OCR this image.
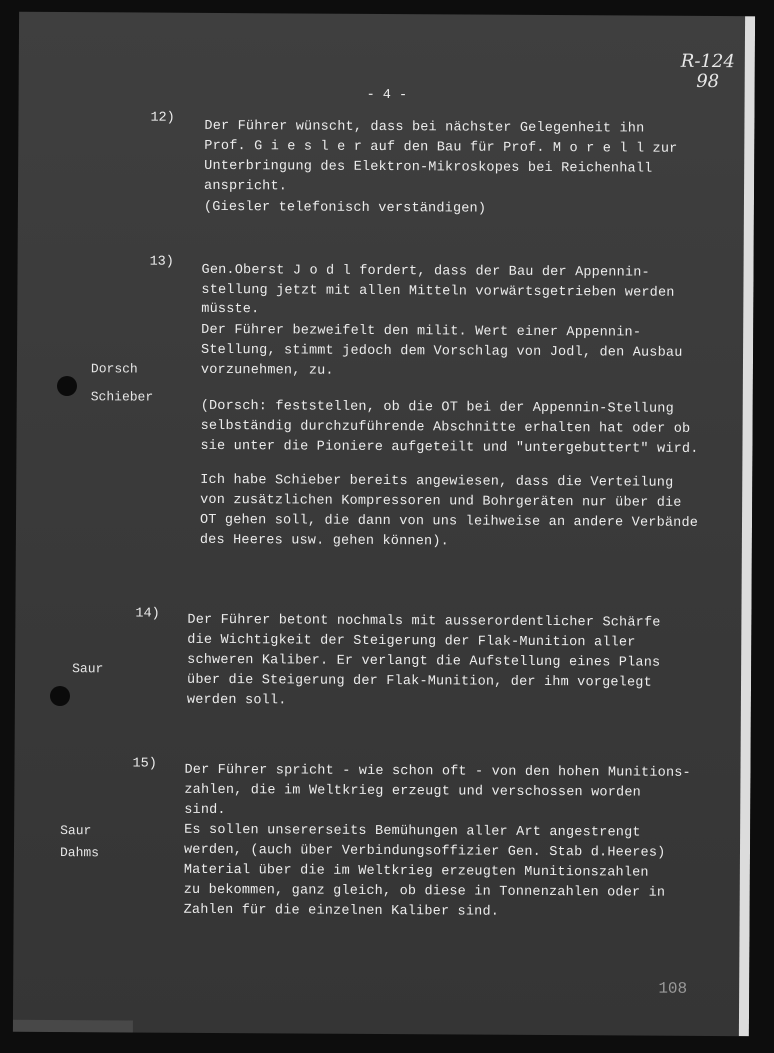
R-124
98
- 4 -
12)
Der Führer wünscht, dass bei nächster Gelegenheit ihn
Prof. G i e s l e r auf den Bau für Prof. M o r e l l zur
Unterbringung des Elektron-Mikroskopes bei Reichenhall
anspricht.
(Giesler telefonisch verständigen)
13)
Gen.Oberst J o d l fordert, dass der Bau der Appennin-
stellung jetzt mit allen Mitteln vorwärtsgetrieben werden
müsste.
Der Führer bezweifelt den milit. Wert einer Appennin-
Stellung, stimmt jedoch dem Vorschlag von Jodl, den Ausbau
vorzunehmen, zu.
(Dorsch: feststellen, ob die OT bei der Appennin-Stellung
selbständig durchzuführende Abschnitte erhalten hat oder ob
sie unter die Pioniere aufgeteilt und "untergebuttert" wird.
Ich habe Schieber bereits angewiesen, dass die Verteilung
von zusätzlichen Kompressoren und Bohrgeräten nur über die
OT gehen soll, die dann von uns leihweise an andere Verbände
des Heeres usw. gehen können).
Dorsch
Schieber
14) Der Führer betont nochmals mit ausserordentlicher Schärfe
die Wichtigkeit der Steigerung der Flak-Munition aller
schweren Kaliber. Er verlangt die Aufstellung eines Plans
über die Steigerung der Flak-Munition, der ihm vorgelegt
werden soll.
Saur
15) Der Führer spricht - wie schon oft - von den hohen Munitions-
zahlen, die im Weltkrieg erzeugt und verschossen worden
sind.
Es sollen unsererseits Bemühungen aller Art angestrengt
werden, (auch über Verbindungsoffizier Gen. Stab d.Heeres)
Material über die im Weltkrieg erzeugten Munitionszahlen
zu bekommen, ganz gleich, ob diese in Tonnenzahlen oder in
Zahlen für die einzelnen Kaliber sind.
Saur
Dahms
108
